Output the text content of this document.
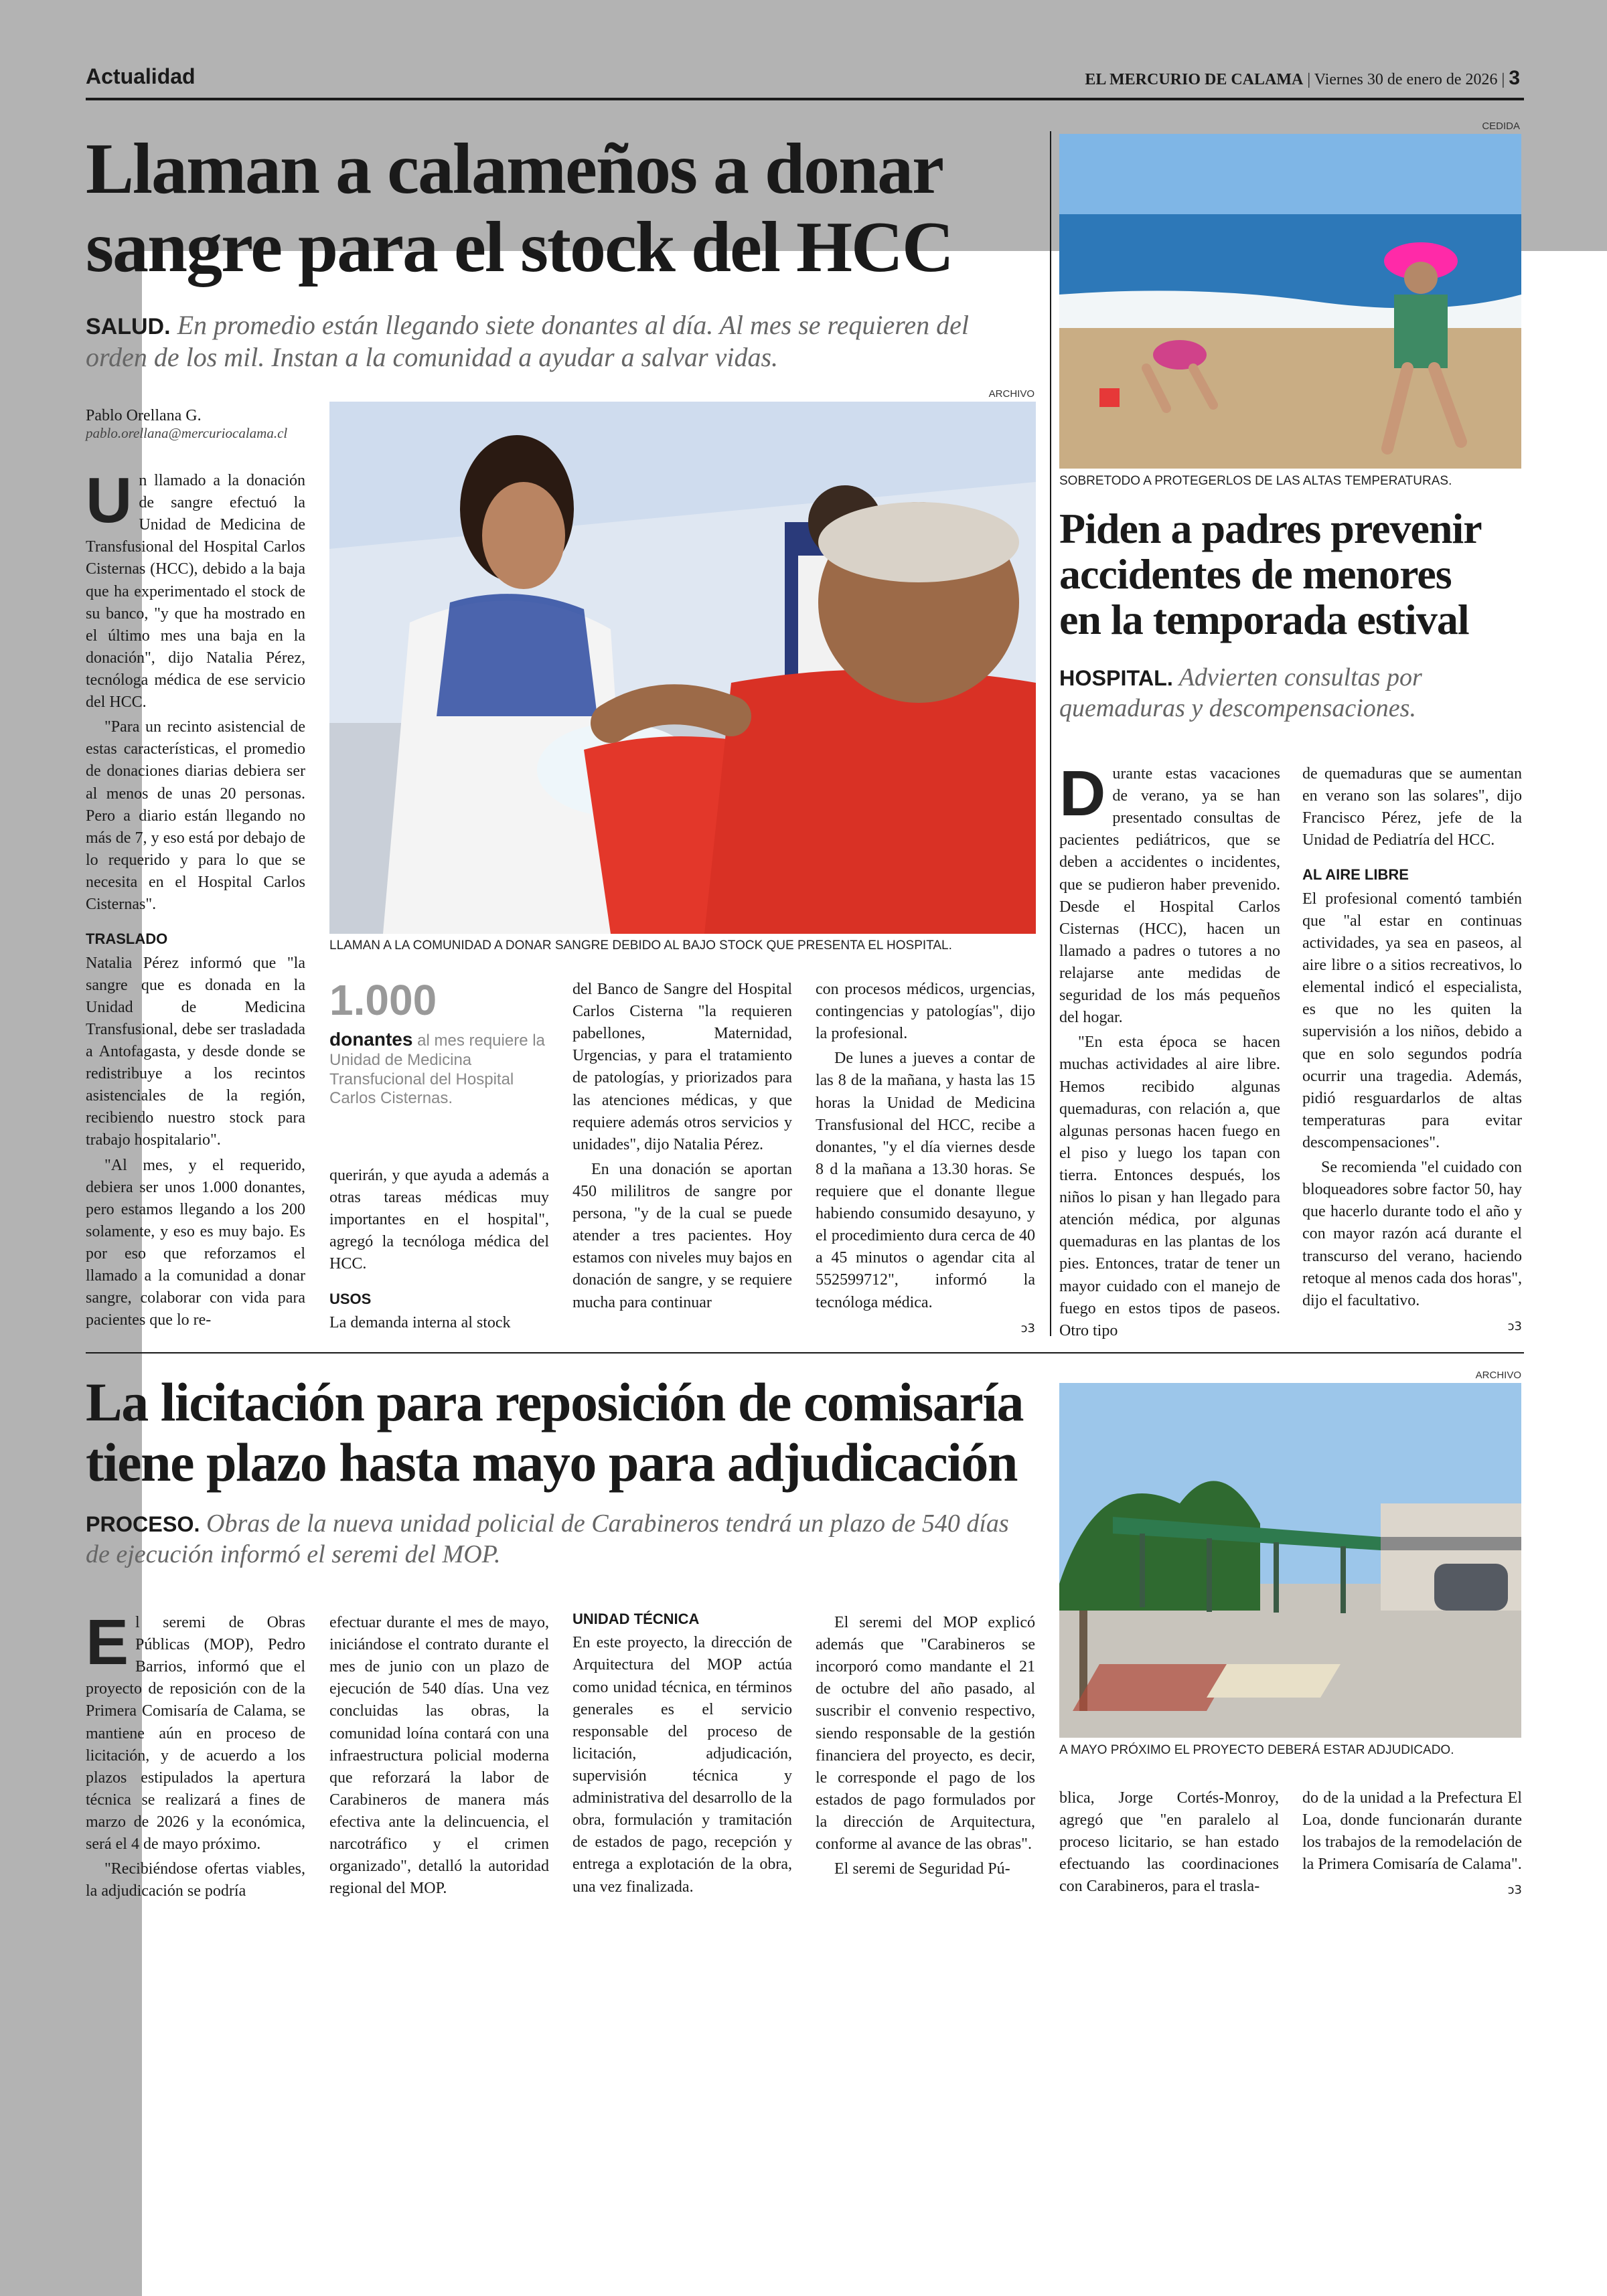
Actualidad	EL MERCURIO DE CALAMA | Viernes 30 de enero de 2026 | 3
Llaman a calameños a donar
sangre para el stock del HCC
SALUD. En promedio están llegando siete donantes al día. Al mes se requieren del orden de los mil. Instan a la comunidad a ayudar a salvar vidas.
Pablo Orellana G.
pablo.orellana@mercuriocalama.cl
ARCHIVO
LLAMAN A LA COMUNIDAD A DONAR SANGRE DEBIDO AL BAJO STOCK QUE PRESENTA EL HOSPITAL.
U n llamado a la donación de sangre efectuó la Unidad de Medicina de Transfusional del Hospital Carlos Cisternas (HCC), debido a la baja que ha experimentado el stock de su banco, "y que ha mostrado en el último mes una baja en la donación", dijo Natalia Pérez, tecnóloga médica de ese servicio del HCC.

"Para un recinto asistencial de estas características, el promedio de donaciones diarias debiera ser al menos de unas 20 personas. Pero a diario están llegando no más de 7, y eso está por debajo de lo requerido y para lo que se necesita en el Hospital Carlos Cisternas".

TRASLADO

Natalia Pérez informó que "la sangre que es donada en la Unidad de Medicina Transfusional, debe ser trasladada a Antofagasta, y desde donde se redistribuye a los recintos asistenciales de la región, recibiendo nuestro stock para trabajo hospitalario".

"Al mes, y el requerido, debiera ser unos 1.000 donantes, pero estamos llegando a los 200 solamente, y eso es muy bajo. Es por eso que reforzamos el llamado a la comunidad a donar sangre, colaborar con vida para pacientes que lo re-

1.000
donantes al mes requiere la Unidad de Medicina Transfucional del Hospital Carlos Cisternas.

querirán, y que ayuda a además a otras tareas médicas muy importantes en el hospital", agregó la tecnóloga médica del HCC.

USOS

La demanda interna al stock

del Banco de Sangre del Hospital Carlos Cisterna "la requieren pabellones, Maternidad, Urgencias, y para el tratamiento de patologías, y priorizados para las atenciones médicas, y que requiere además otros servicios y unidades", dijo Natalia Pérez.

En una donación se aportan 450 mililitros de sangre por persona, "y de la cual se puede atender a tres pacientes. Hoy estamos con niveles muy bajos en donación de sangre, y se requiere mucha para continuar

con procesos médicos, urgencias, contingencias y patologías", dijo la profesional.

De lunes a jueves a contar de las 8 de la mañana, y hasta las 15 horas la Unidad de Medicina Transfusional del HCC, recibe a donantes, "y el día viernes desde 8 d la mañana a 13.30 horas. Se requiere que el donante llegue habiendo consumido desayuno, y el procedimiento dura cerca de 40 a 45 minutos o agendar cita al 552599712", informó la tecnóloga médica.

ↄ3
CEDIDA
SOBRETODO A PROTEGERLOS DE LAS ALTAS TEMPERATURAS.
Piden a padres prevenir
accidentes de menores
en la temporada estival
HOSPITAL. Advierten consultas por quemaduras y descompensaciones.
D urante estas vacaciones de verano, ya se han presentado consultas de pacientes pediátricos, que se deben a accidentes o incidentes, que se pudieron haber prevenido. Desde el Hospital Carlos Cisternas (HCC), hacen un llamado a padres o tutores a no relajarse ante medidas de seguridad de los más pequeños del hogar.

"En esta época se hacen muchas actividades al aire libre. Hemos recibido algunas quemaduras, con relación a, que algunas personas hacen fuego en el piso y luego los tapan con tierra. Entonces después, los niños lo pisan y han llegado para atención médica, por algunas quemaduras en las plantas de los pies. Entonces, tratar de tener un mayor cuidado con el manejo de fuego en estos tipos de paseos. Otro tipo

de quemaduras que se aumentan en verano son las solares", dijo Francisco Pérez, jefe de la Unidad de Pediatría del HCC.

AL AIRE LIBRE

El profesional comentó también que "al estar en continuas actividades, ya sea en paseos, al aire libre o a sitios recreativos, lo elemental indicó el especialista, es que no les quiten la supervisión a los niños, debido a que en solo segundos podría ocurrir una tragedia. Además, pidió resguardarlos de altas temperaturas para evitar descompensaciones".

Se recomienda "el cuidado con bloqueadores sobre factor 50, hay que hacerlo durante todo el año y con mayor razón acá durante el transcurso del verano, haciendo retoque al menos cada dos horas", dijo el facultativo.

ↄ3
La licitación para reposición de comisaría
tiene plazo hasta mayo para adjudicación
PROCESO. Obras de la nueva unidad policial de Carabineros tendrá un plazo de 540 días de ejecución informó el seremi del MOP.
ARCHIVO
A MAYO PRÓXIMO EL PROYECTO DEBERÁ ESTAR ADJUDICADO.
E l seremi de Obras Públicas (MOP), Pedro Barrios, informó que el proyecto de reposición con de la Primera Comisaría de Calama, se mantiene aún en proceso de licitación, y de acuerdo a los plazos estipulados la apertura técnica se realizará a fines de marzo de 2026 y la económica, será el 4 de mayo próximo.

"Recibiéndose ofertas viables, la adjudicación se podría

efectuar durante el mes de mayo, iniciándose el contrato durante el mes de junio con un plazo de ejecución de 540 días. Una vez concluidas las obras, la comunidad loína contará con una infraestructura policial moderna que reforzará la labor de Carabineros de manera más efectiva ante la delincuencia, el narcotráfico y el crimen organizado", detalló la autoridad regional del MOP.

UNIDAD TÉCNICA

En este proyecto, la dirección de Arquitectura del MOP actúa como unidad técnica, en términos generales es el servicio responsable del proceso de licitación, adjudicación, supervisión técnica y administrativa del desarrollo de la obra, formulación y tramitación de estados de pago, recepción y entrega a explotación de la obra, una vez finalizada.

El seremi del MOP explicó además que "Carabineros se incorporó como mandante el 21 de octubre del año pasado, al suscribir el convenio respectivo, siendo responsable de la gestión financiera del proyecto, es decir, le corresponde el pago de los estados de pago formulados por la dirección de Arquitectura, conforme al avance de las obras".

El seremi de Seguridad Pú-

blica, Jorge Cortés-Monroy, agregó que "en paralelo al proceso licitario, se han estado efectuando las coordinaciones con Carabineros, para el trasla-

do de la unidad a la Prefectura El Loa, donde funcionarán durante los trabajos de la remodelación de la Primera Comisaría de Calama".

ↄ3
